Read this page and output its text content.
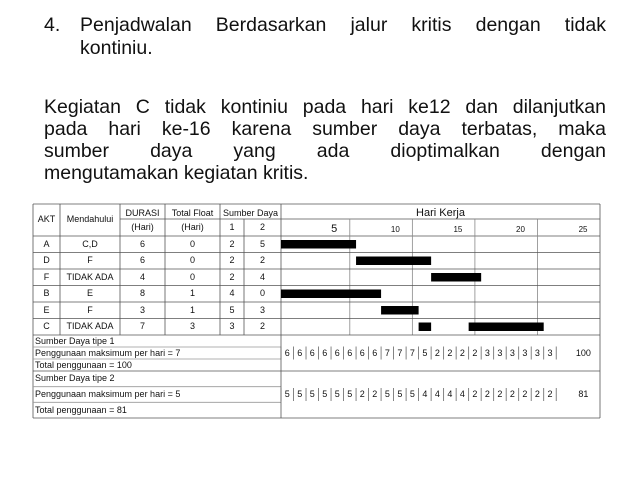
4. Penjadwalan Berdasarkan jalur kritis dengan tidak
kontiniu.
Kegiatan C tidak kontiniu pada hari ke12 dan dilanjutkan
pada hari ke-16 karena sumber daya terbatas, maka
sumber daya yang ada dioptimalkan dengan
mengutamakan kegiatan kritis.
AKT	Mendahului
DURASI
(Hari)
Total Float
(Hari)
Sumber Daya
1	2
Hari Kerja
5	10	15	20	25
A	C,D	6	0	2	5
D	F	6	0	2	2
F	TIDAK ADA	4	0	2	4
B	E	8	1	4	0
E	F	3	1	5	3
C	TIDAK ADA	7	3	3	2
Sumber Daya tipe 1
Penggunaan maksimum per hari = 7
Total penggunaan = 100
6 6 6 6 6 6 6 6 7 7 7 5 2 2 2 2 3 3 3 3 3 3	100
Sumber Daya tipe 2
Penggunaan maksimum per hari = 5
Total penggunaan = 81
5 5 5 5 5 5 2 2 5 5 5 4 4 4 4 2 2 2 2 2 2 2	81
